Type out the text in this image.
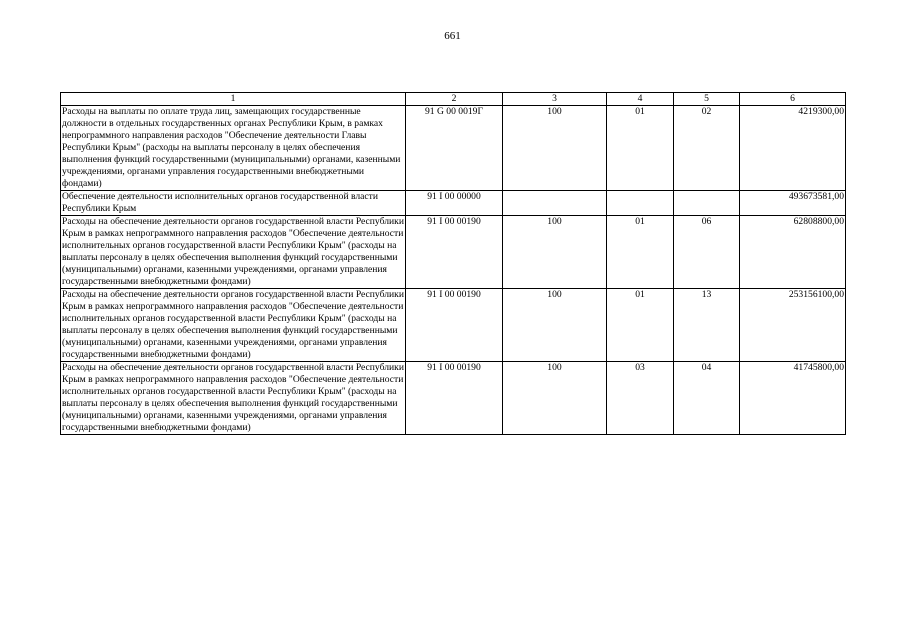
661
1	2	3	4	5	6
Расходы на выплаты по оплате труда лиц, замещающих государственные должности в отдельных государственных органах Республики Крым, в рамках непрограммного направления расходов "Обеспечение деятельности Главы Республики Крым" (расходы на выплаты персоналу в целях обеспечения выполнения функций государственными (муниципальными) органами, казенными учреждениями, органами управления государственными внебюджетными фондами)	91 G 00 0019Г	100	01	02	4219300,00
Обеспечение деятельности исполнительных органов государственной власти Республики Крым	91 I 00 00000				493673581,00
Расходы на обеспечение деятельности органов государственной власти Республики Крым в рамках непрограммного направления расходов "Обеспечение деятельности исполнительных органов государственной власти Республики Крым" (расходы на выплаты персоналу в целях обеспечения выполнения функций государственными (муниципальными) органами, казенными учреждениями, органами управления государственными внебюджетными фондами)	91 I 00 00190	100	01	06	62808800,00
Расходы на обеспечение деятельности органов государственной власти Республики Крым в рамках непрограммного направления расходов "Обеспечение деятельности исполнительных органов государственной власти Республики Крым" (расходы на выплаты персоналу в целях обеспечения выполнения функций государственными (муниципальными) органами, казенными учреждениями, органами управления государственными внебюджетными фондами)	91 I 00 00190	100	01	13	253156100,00
Расходы на обеспечение деятельности органов государственной власти Республики Крым в рамках непрограммного направления расходов "Обеспечение деятельности исполнительных органов государственной власти Республики Крым" (расходы на выплаты персоналу в целях обеспечения выполнения функций государственными (муниципальными) органами, казенными учреждениями, органами управления государственными внебюджетными фондами)	91 I 00 00190	100	03	04	41745800,00
